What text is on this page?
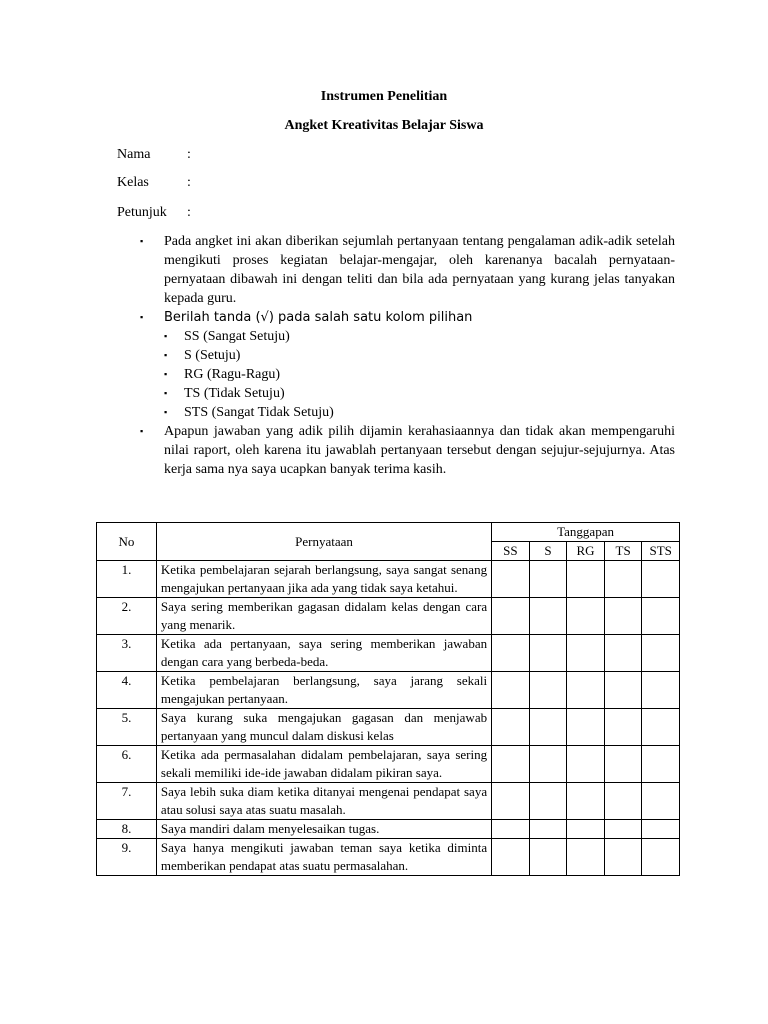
Instrumen Penelitian
Angket Kreativitas Belajar Siswa
Nama	:
Kelas	:
Petunjuk :
▪ Pada angket ini akan diberikan sejumlah pertanyaan tentang pengalaman adik-adik setelah mengikuti proses kegiatan belajar-mengajar, oleh karenanya bacalah pernyataan-pernyataan dibawah ini dengan teliti dan bila ada pernyataan yang kurang jelas tanyakan kepada guru.

▪ Berilah tanda (√) pada salah satu kolom pilihan

▪ SS (Sangat Setuju)
▪ S (Setuju)
▪ RG (Ragu-Ragu)
▪ TS (Tidak Setuju)
▪ STS (Sangat Tidak Setuju)
▪ Apapun jawaban yang adik pilih dijamin kerahasiaannya dan tidak akan mempengaruhi nilai raport, oleh karena itu jawablah pertanyaan tersebut dengan sejujur-sejujurnya. Atas kerja sama nya saya ucapkan banyak terima kasih.

No	Pernyataan	Tanggapan				
		SS	S	RG	TS	STS
1.	Ketika pembelajaran sejarah berlangsung, saya sangat senang mengajukan pertanyaan jika ada yang tidak saya ketahui.					
2.	Saya sering memberikan gagasan didalam kelas dengan cara yang menarik.					
3.	Ketika ada pertanyaan, saya sering memberikan jawaban dengan cara yang berbeda-beda.					
4.	Ketika pembelajaran berlangsung, saya jarang sekali mengajukan pertanyaan.					
5.	Saya kurang suka mengajukan gagasan dan menjawab pertanyaan yang muncul dalam diskusi kelas					
6.	Ketika ada permasalahan didalam pembelajaran, saya sering sekali memiliki ide-ide jawaban didalam pikiran saya.					
7.	Saya lebih suka diam ketika ditanyai mengenai pendapat saya atau solusi saya atas suatu masalah.					
8.	Saya mandiri dalam menyelesaikan tugas.					
9.	Saya hanya mengikuti jawaban teman saya ketika diminta memberikan pendapat atas suatu permasalahan.					
